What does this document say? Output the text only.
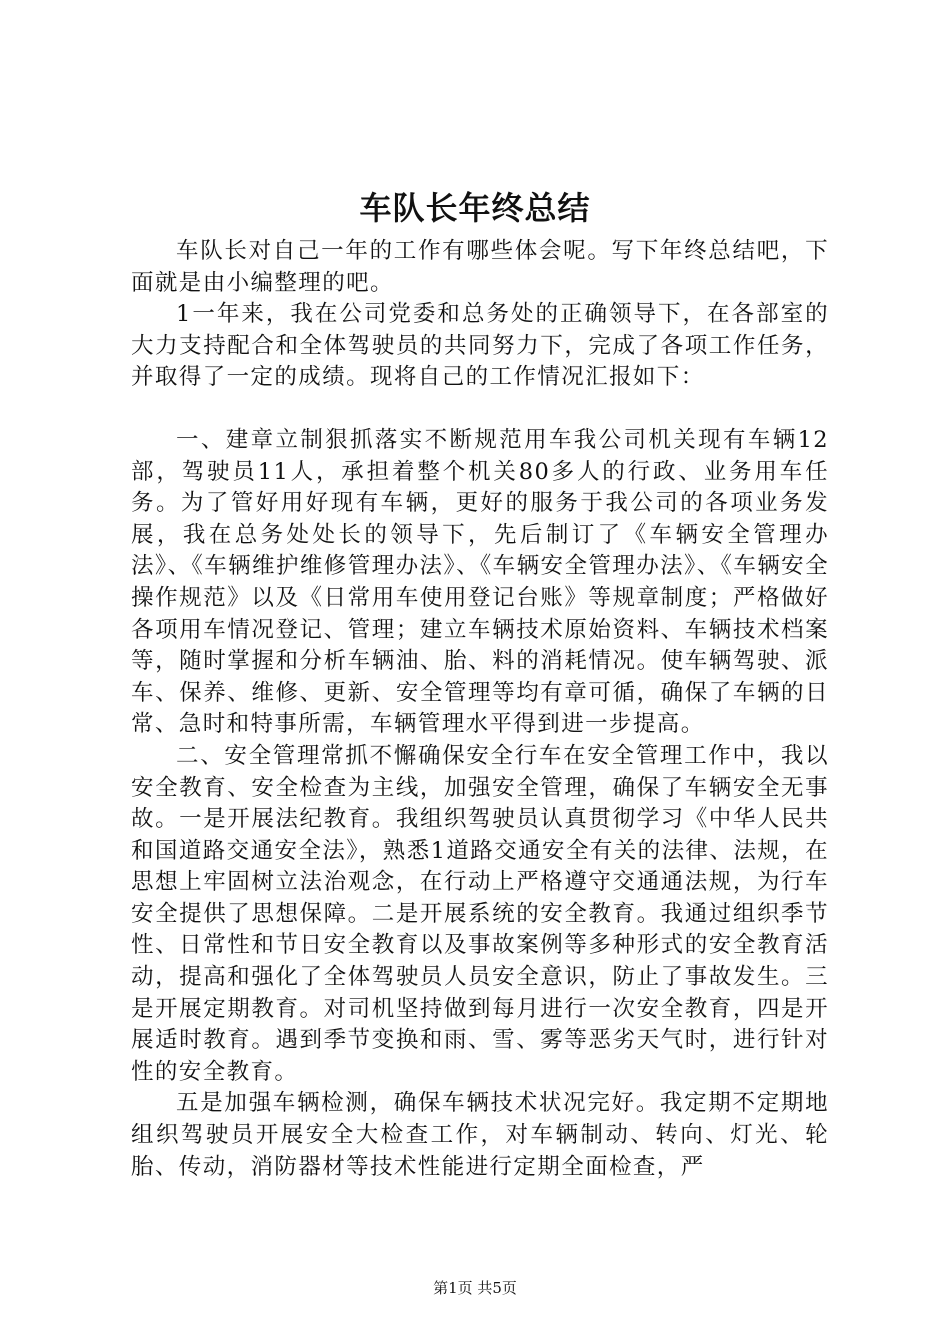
车队长年终总结

车队长对自己一年的工作有哪些体会呢。写下年终总结吧，下面就是由小编整理的吧。

1一年来，我在公司党委和总务处的正确领导下，在各部室的大力支持配合和全体驾驶员的共同努力下，完成了各项工作任务，并取得了一定的成绩。现将自己的工作情况汇报如下：

一、建章立制狠抓落实不断规范用车我公司机关现有车辆12部，驾驶员11人，承担着整个机关80多人的行政、业务用车任务。为了管好用好现有车辆，更好的服务于我公司的各项业务发展，我在总务处处长的领导下，先后制订了《车辆安全管理办法》、《车辆维护维修管理办法》、《车辆安全管理办法》、《车辆安全操作规范》以及《日常用车使用登记台账》等规章制度；严格做好各项用车情况登记、管理；建立车辆技术原始资料、车辆技术档案等，随时掌握和分析车辆油、胎、料的消耗情况。使车辆驾驶、派车、保养、维修、更新、安全管理等均有章可循，确保了车辆的日常、急时和特事所需，车辆管理水平得到进一步提高。

二、安全管理常抓不懈确保安全行车在安全管理工作中，我以安全教育、安全检查为主线，加强安全管理，确保了车辆安全无事故。一是开展法纪教育。我组织驾驶员认真贯彻学习《中华人民共和国道路交通安全法》，熟悉1道路交通安全有关的法律、法规，在思想上牢固树立法治观念，在行动上严格遵守交通通法规，为行车安全提供了思想保障。二是开展系统的安全教育。我通过组织季节性、日常性和节日安全教育以及事故案例等多种形式的安全教育活动，提高和强化了全体驾驶员人员安全意识，防止了事故发生。三是开展定期教育。对司机坚持做到每月进行一次安全教育，四是开展适时教育。遇到季节变换和雨、雪、雾等恶劣天气时，进行针对性的安全教育。

五是加强车辆检测，确保车辆技术状况完好。我定期不定期地组织驾驶员开展安全大检查工作，对车辆制动、转向、灯光、轮胎、传动，消防器材等技术性能进行定期全面检查，严

第1页 共5页
